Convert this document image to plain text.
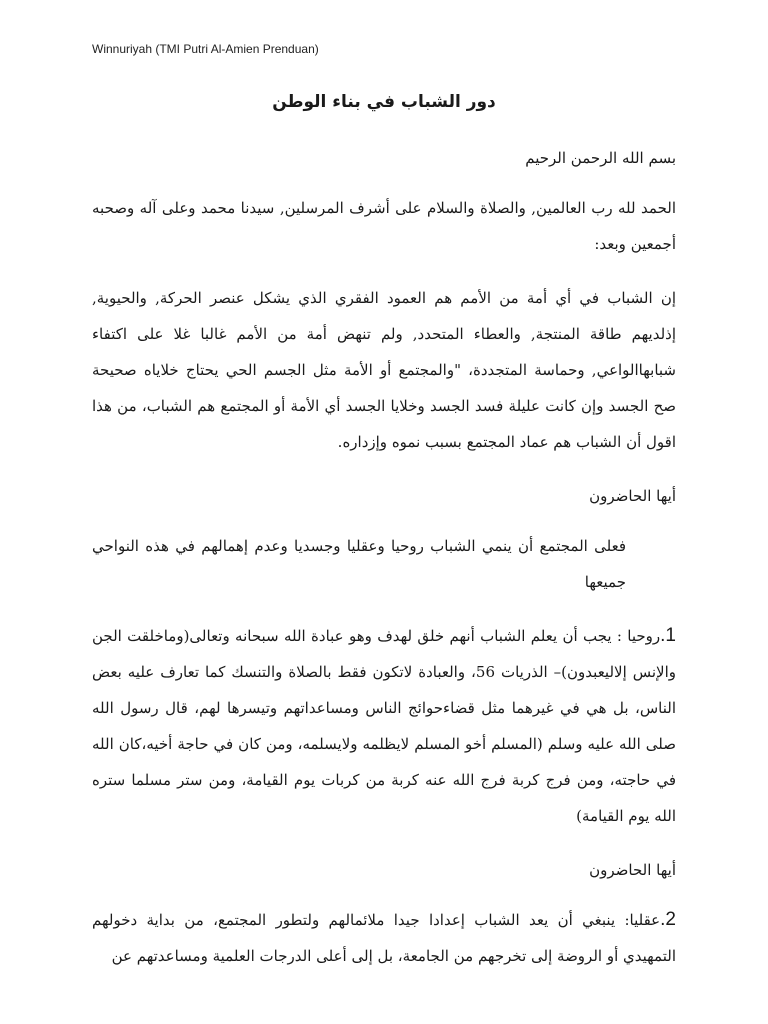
Winnuriyah (TMI Putri Al-Amien Prenduan)
دور الشباب في بناء الوطن

بسم الله الرحمن الرحيم

الحمد لله رب العالمين, والصلاة والسلام على أشرف المرسلين, سيدنا محمد وعلى آله وصحبه أجمعين وبعد:

إن الشباب في أي أمة من الأمم هم العمود الفقري الذي يشكل عنصر الحركة, والحيوية, إذلديهم طاقة المنتجة, والعطاء المتحدد, ولم تنهض أمة من الأمم غالبا غلا على اكتفاء شبابهاالواعي, وحماسة المتجددة، "والمجتمع أو الأمة مثل الجسم الحي يحتاج خلاياه صحيحة صح الجسد وإن كانت عليلة فسد الجسد وخلايا الجسد أي الأمة أو المجتمع هم الشباب، من هذا اقول أن الشباب هم عماد المجتمع بسبب نموه وإزداره.

أيها الحاضرون

فعلى المجتمع أن ينمي الشباب روحيا وعقليا وجسديا وعدم إهمالهم في هذه النواحي جميعها

1.روحيا : يجب أن يعلم الشباب أنهم خلق لهدف وهو عبادة الله سبحانه وتعالى(وماخلقت الجن والإنس إلاليعبدون)– الذريات 56، والعبادة لاتكون فقط بالصلاة والتنسك كما تعارف عليه بعض الناس، بل هي في غيرهما مثل قضاءحوائج الناس ومساعداتهم وتيسرها لهم، قال رسول الله صلى الله عليه وسلم (المسلم أخو المسلم لايظلمه ولايسلمه، ومن كان في حاجة أخيه،كان الله في حاجته، ومن فرج كربة فرج الله عنه كربة من كربات يوم القيامة، ومن ستر مسلما ستره الله يوم القيامة)

أيها الحاضرون

2.عقليا: ينبغي أن يعد الشباب إعدادا جيدا ملائمالهم ولتطور المجتمع، من بداية دخولهم التمهيدي أو الروضة إلى تخرجهم من الجامعة، بل إلى أعلى الدرجات العلمية ومساعدتهم عن
